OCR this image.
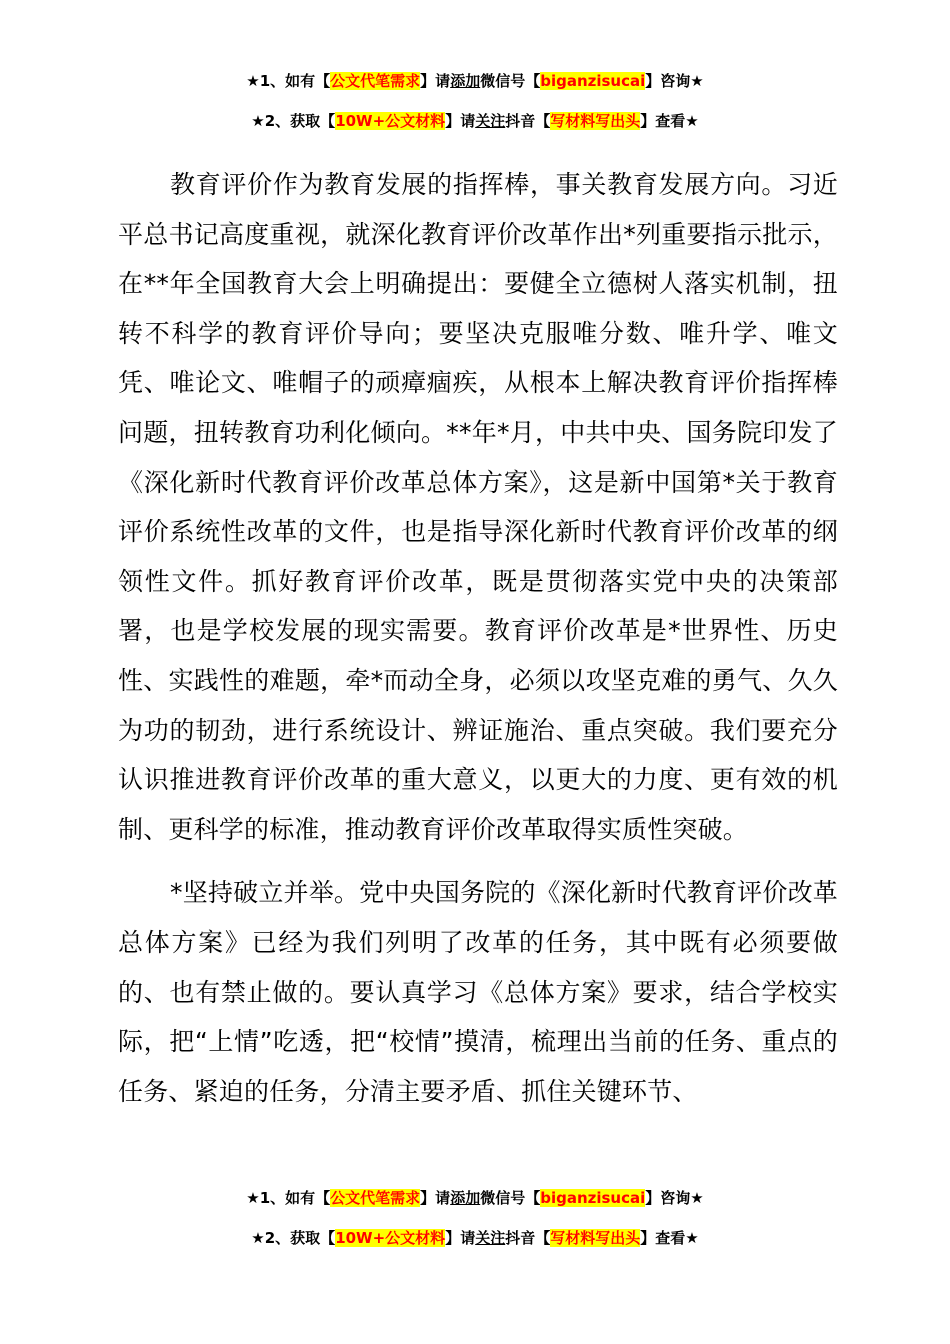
★1、如有【公文代笔需求】请添加微信号【biganzisucai】咨询★
★2、获取【10W+公文材料】请关注抖音【写材料写出头】查看★

教育评价作为教育发展的指挥棒，事关教育发展方向。习近平总书记高度重视，就深化教育评价改革作出*列重要指示批示，在**年全国教育大会上明确提出：要健全立德树人落实机制，扭转不科学的教育评价导向；要坚决克服唯分数、唯升学、唯文凭、唯论文、唯帽子的顽瘴痼疾，从根本上解决教育评价指挥棒问题，扭转教育功利化倾向。**年*月，中共中央、国务院印发了《深化新时代教育评价改革总体方案》，这是新中国第*关于教育评价系统性改革的文件，也是指导深化新时代教育评价改革的纲领性文件。抓好教育评价改革，既是贯彻落实党中央的决策部署，也是学校发展的现实需要。教育评价改革是*世界性、历史性、实践性的难题，牵*而动全身，必须以攻坚克难的勇气、久久为功的韧劲，进行系统设计、辨证施治、重点突破。我们要充分认识推进教育评价改革的重大意义，以更大的力度、更有效的机制、更科学的标准，推动教育评价改革取得实质性突破。

*坚持破立并举。党中央国务院的《深化新时代教育评价改革总体方案》已经为我们列明了改革的任务，其中既有必须要做的、也有禁止做的。要认真学习《总体方案》要求，结合学校实际，把“上情”吃透，把“校情”摸清，梳理出当前的任务、重点的任务、紧迫的任务，分清主要矛盾、抓住关键环节、

★1、如有【公文代笔需求】请添加微信号【biganzisucai】咨询★
★2、获取【10W+公文材料】请关注抖音【写材料写出头】查看★
